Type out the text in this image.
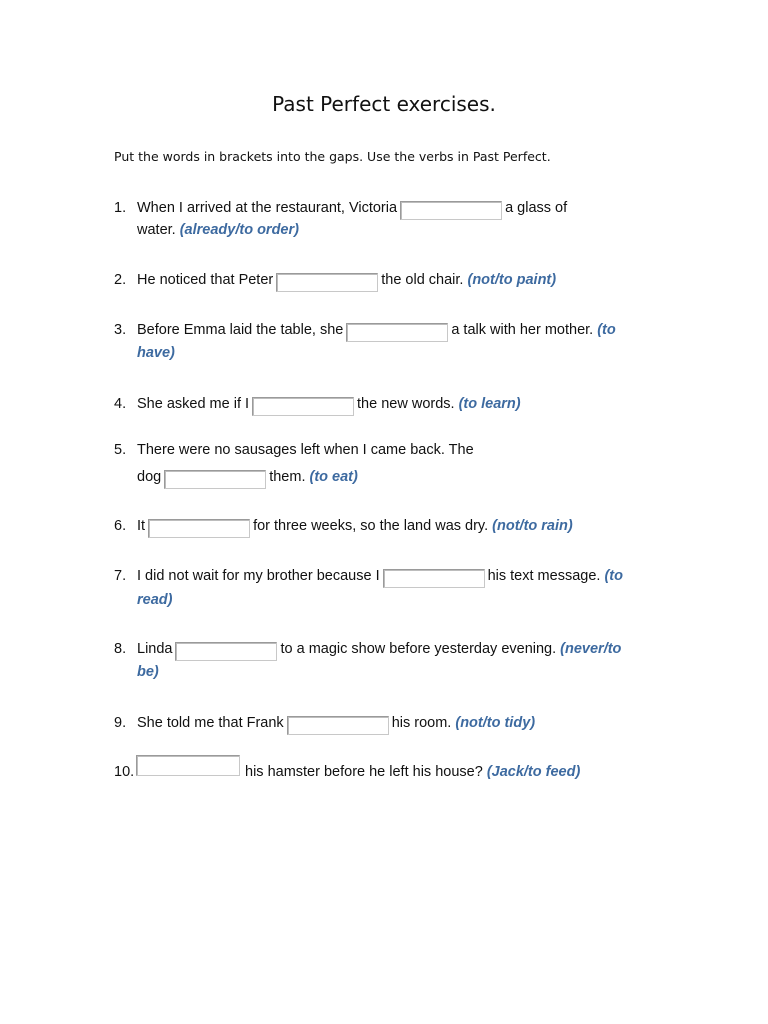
Past Perfect exercises.
Put the words in brackets into the gaps. Use the verbs in Past Perfect.
1. When I arrived at the restaurant, Victoria	a glass of
water. (already/to order)
2. He noticed that Peter	the old chair. (not/to paint)
3. Before Emma laid the table, she	a talk with her mother. (to
have)
4. She asked me if I	the new words. (to learn)
5. There were no sausages left when I came back. The
dog	them. (to eat)
6. It	for three weeks, so the land was dry. (not/to rain)
7. I did not wait for my brother because I	his text message. (to
read)
8. Linda	to a magic show before yesterday evening. (never/to
be)
9. She told me that Frank	his room. (not/to tidy)
10.	his hamster before he left his house? (Jack/to feed)
